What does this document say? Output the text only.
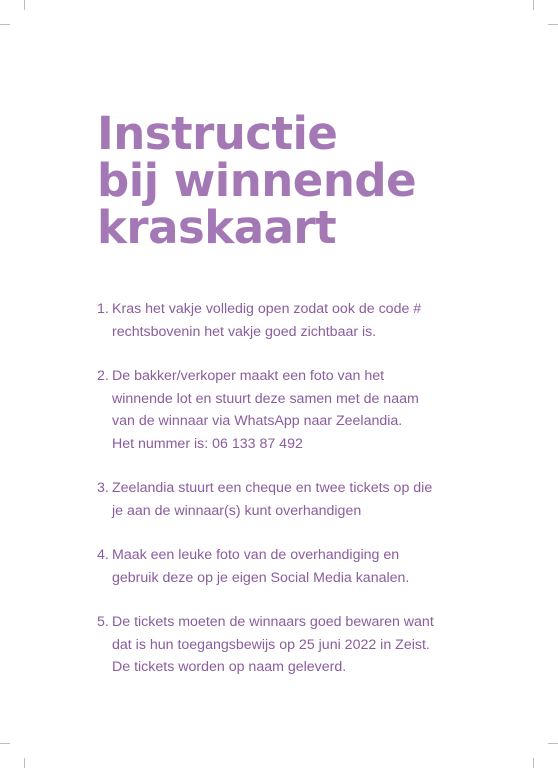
Instructie
bij winnende
kraskaart
1. Kras het vakje volledig open zodat ook de code #
rechtsbovenin het vakje goed zichtbaar is.
2. De bakker/verkoper maakt een foto van het
winnende lot en stuurt deze samen met de naam
van de winnaar via WhatsApp naar Zeelandia.
Het nummer is: 06 133 87 492
3. Zeelandia stuurt een cheque en twee tickets op die
je aan de winnaar(s) kunt overhandigen
4. Maak een leuke foto van de overhandiging en
gebruik deze op je eigen Social Media kanalen.
5. De tickets moeten de winnaars goed bewaren want
dat is hun toegangsbewijs op 25 juni 2022 in Zeist.
De tickets worden op naam geleverd.
